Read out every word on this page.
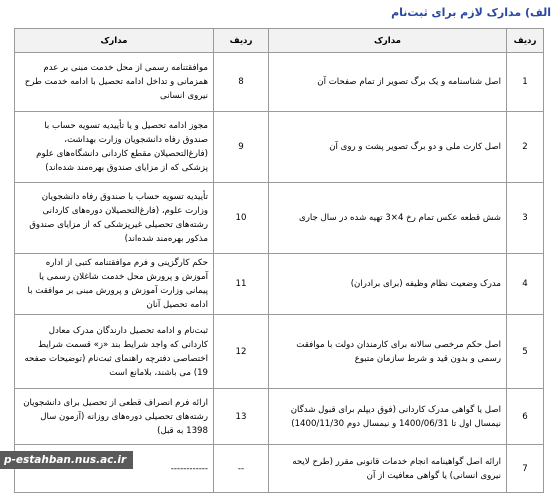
الف) مدارک لازم برای ثبت‌نام
ردیف	مدارک	ردیف	مدارک
1	اصل شناسنامه و یک برگ تصویر از تمام صفحات آن	8	موافقتنامه رسمی از محل خدمت مبنی بر عدم همزمانی و تداخل ادامه تحصیل با ادامه خدمت طرح نیروی انسانی
2	اصل کارت ملی و دو برگ تصویر پشت و روی آن	9	مجوز ادامه تحصیل و یا تأییدیه تسویه حساب با صندوق رفاه دانشجویان وزارت بهداشت، (فارغ‌التحصیلان مقطع کاردانی دانشگاه‌های علوم پزشکی که از مزایای صندوق بهره‌مند شده‌اند)
3	شش قطعه عکس تمام رخ 4×3 تهیه شده در سال جاری	10	تأییدیه تسویه حساب با صندوق رفاه دانشجویان وزارت علوم، (فارغ‌التحصیلان دوره‌های کاردانی رشته‌های تحصیلی غیرپزشکی که از مزایای صندوق مذکور بهره‌مند شده‌اند)
4	مدرک وضعیت نظام وظیفه (برای برادران)	11	حکم کارگزینی و فرم موافقتنامه کتبی از اداره آموزش و پرورش محل خدمت شاغلان رسمی یا پیمانی وزارت آموزش و پرورش مبنی بر موافقت با ادامه تحصیل آنان
5	اصل حکم مرخصی سالانه برای کارمندان دولت با موافقت رسمی و بدون قید و شرط سازمان متبوع	12	ثبت‌نام و ادامه تحصیل دارندگان مدرک معادل کاردانی که واجد شرایط بند «ز» قسمت شرایط اختصاصی دفترچه راهنمای ثبت‌نام (توضیحات صفحه 19) می باشند، بلامانع است
6	اصل یا گواهی مدرک کاردانی (فوق دیپلم برای قبول شدگان نیمسال اول تا 1400/06/31 و نیمسال دوم 1400/11/30)	13	ارائه فرم انصراف قطعی از تحصیل برای دانشجویان رشته‌های تحصیلی دوره‌های روزانه (آزمون سال 1398 به قبل)
7	ارائه اصل گواهینامه انجام خدمات قانونی مقرر (طرح لایحه نیروی انسانی) یا گواهی معافیت از آن	--	------------
p-estahban.nus.ac.ir
